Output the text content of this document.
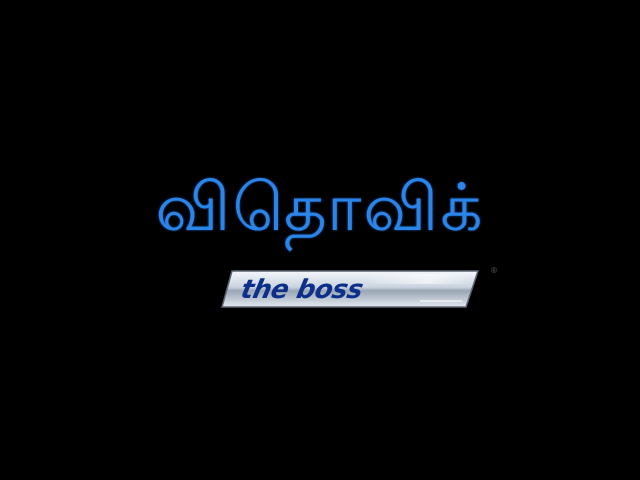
விதொவிக்
the boss
®
